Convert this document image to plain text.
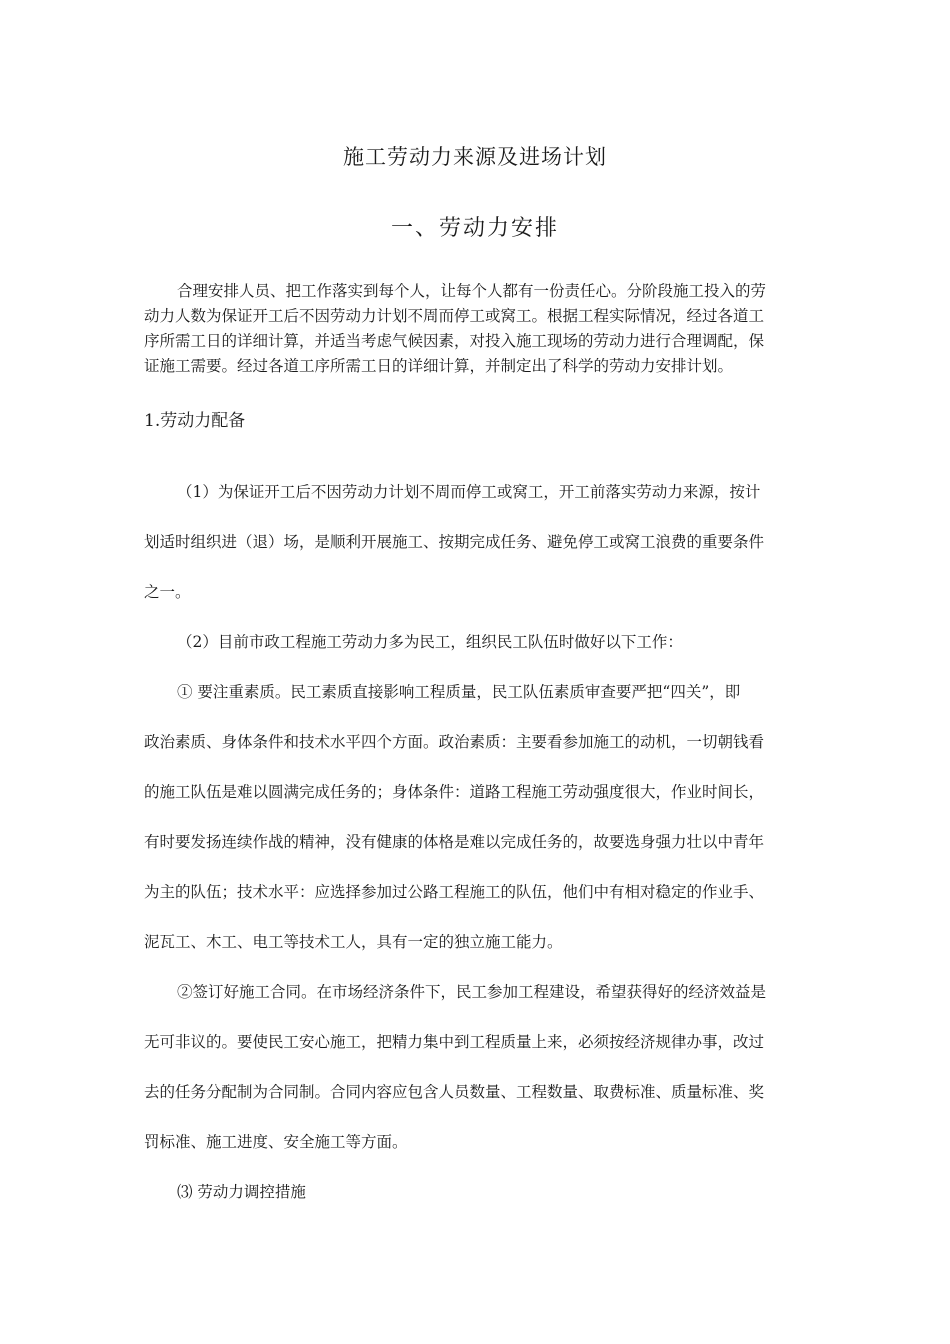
施工劳动力来源及进场计划
一、劳动力安排
合理安排人员、把工作落实到每个人，让每个人都有一份责任心。分阶段施工投入的劳
动力人数为保证开工后不因劳动力计划不周而停工或窝工。根据工程实际情况，经过各道工
序所需工日的详细计算，并适当考虑气候因素，对投入施工现场的劳动力进行合理调配，保
证施工需要。经过各道工序所需工日的详细计算，并制定出了科学的劳动力安排计划。
1.劳动力配备
（1）为保证开工后不因劳动力计划不周而停工或窝工，开工前落实劳动力来源，按计
划适时组织进（退）场，是顺利开展施工、按期完成任务、避免停工或窝工浪费的重要条件
之一。
（2）目前市政工程施工劳动力多为民工，组织民工队伍时做好以下工作：
① 要注重素质。民工素质直接影响工程质量，民工队伍素质审查要严把“四关”，即
政治素质、身体条件和技术水平四个方面。政治素质：主要看参加施工的动机，一切朝钱看
的施工队伍是难以圆满完成任务的；身体条件：道路工程施工劳动强度很大，作业时间长，
有时要发扬连续作战的精神，没有健康的体格是难以完成任务的，故要选身强力壮以中青年
为主的队伍；技术水平：应选择参加过公路工程施工的队伍，他们中有相对稳定的作业手、
泥瓦工、木工、电工等技术工人，具有一定的独立施工能力。
②签订好施工合同。在市场经济条件下，民工参加工程建设，希望获得好的经济效益是
无可非议的。要使民工安心施工，把精力集中到工程质量上来，必须按经济规律办事，改过
去的任务分配制为合同制。合同内容应包含人员数量、工程数量、取费标准、质量标准、奖
罚标准、施工进度、安全施工等方面。
⑶ 劳动力调控措施
